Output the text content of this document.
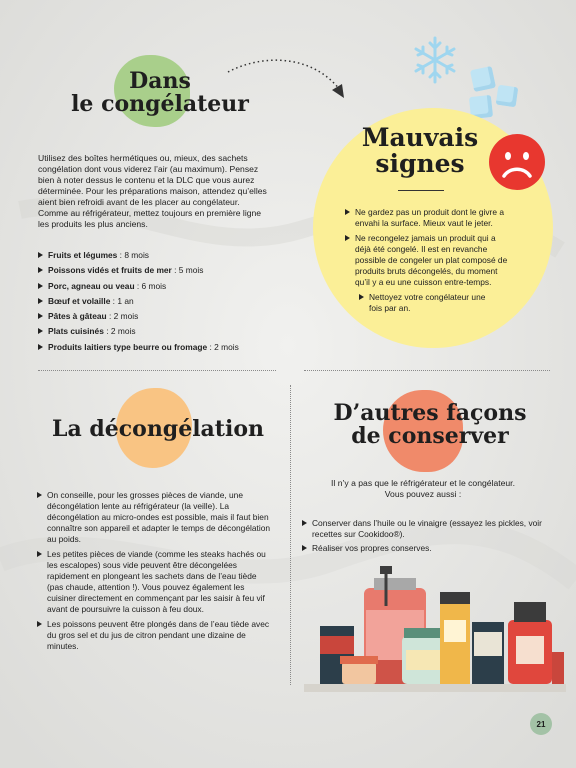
Dans
le congélateur

Utilisez des boîtes hermétiques ou, mieux, des sachets congélation dont vous viderez l’air (au maximum). Pensez bien à noter dessus le contenu et la DLC que vous aurez déterminée. Pour les préparations maison, attendez qu’elles aient bien refroidi avant de les placer au congélateur. Comme au réfrigérateur, mettez toujours en première ligne les produits les plus anciens.

Fruits et légumes : 8 mois
Poissons vidés et fruits de mer : 5 mois
Porc, agneau ou veau : 6 mois
Bœuf et volaille : 1 an
Pâtes à gâteau : 2 mois
Plats cuisinés : 2 mois
Produits laitiers type beurre ou fromage : 2 mois
Mauvais
signes
Ne gardez pas un produit dont le givre a envahi la surface. Mieux vaut le jeter.
Ne recongelez jamais un produit qui a déjà été congelé. Il est en revanche possible de congeler un plat composé de produits bruts décongelés, du moment qu’il y a eu une cuisson entre-temps.
Nettoyez votre congélateur une fois par an.
La décongélation
On conseille, pour les grosses pièces de viande, une décongélation lente au réfrigérateur (la veille). La décongélation au micro-ondes est possible, mais il faut bien connaître son appareil et adapter le temps de décongélation au poids.
Les petites pièces de viande (comme les steaks hachés ou les escalopes) sous vide peuvent être décongelées rapidement en plongeant les sachets dans de l’eau tiède (pas chaude, attention !). Vous pouvez également les cuisiner directement en commençant par les saisir à feu vif avant de poursuivre la cuisson à feu doux.
Les poissons peuvent être plongés dans de l’eau tiède avec du gros sel et du jus de citron pendant une dizaine de minutes.
D’autres façons
de conserver

Il n’y a pas que le réfrigérateur et le congélateur. Vous pouvez aussi :

Conserver dans l’huile ou le vinaigre (essayez les pickles, voir recettes sur Cookidoo®).
Réaliser vos propres conserves.
21
